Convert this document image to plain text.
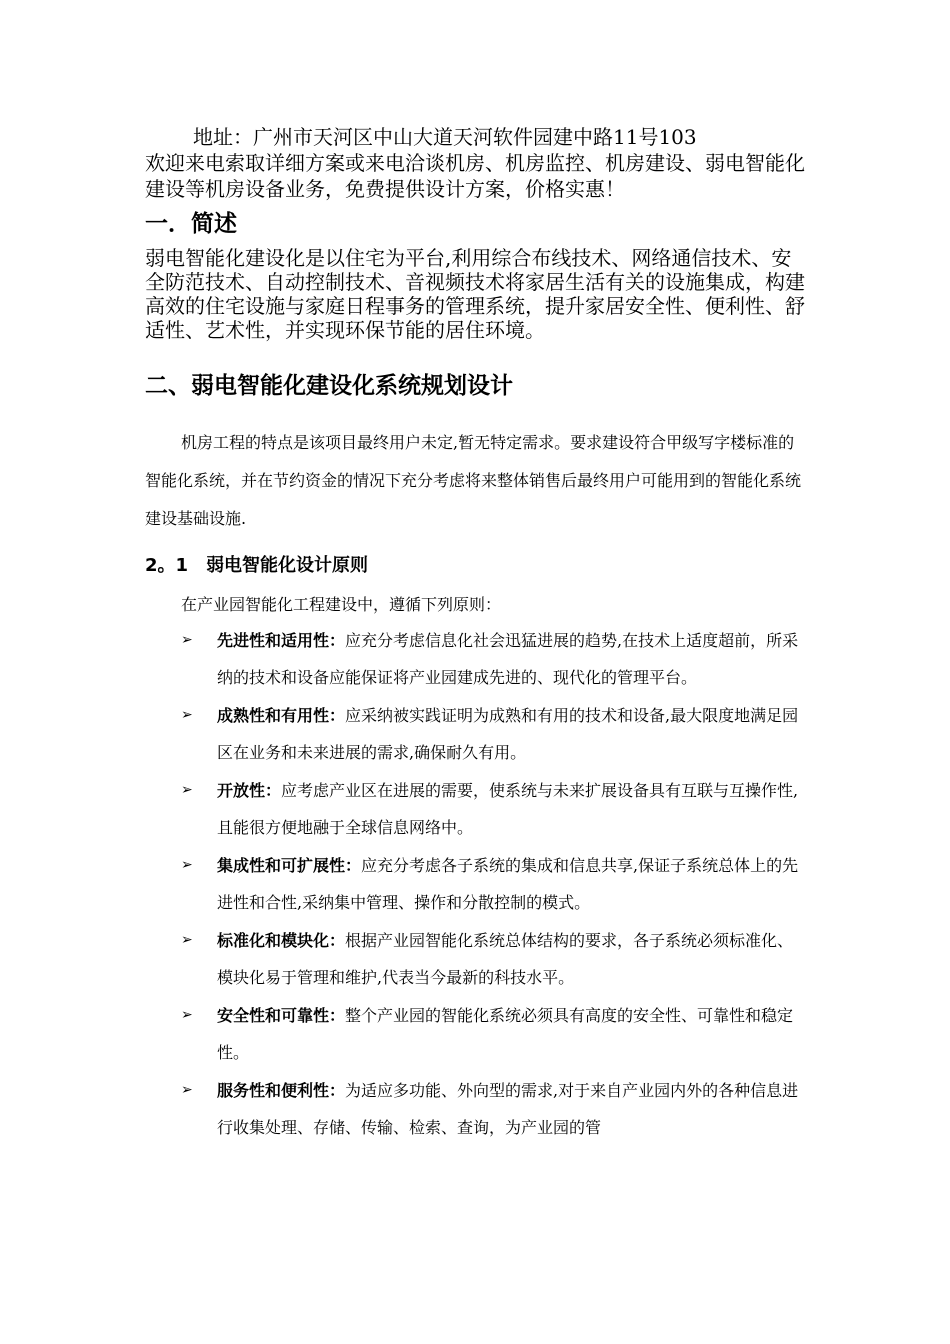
地址：广州市天河区中山大道天河软件园建中路11号103
欢迎来电索取详细方案或来电洽谈机房、机房监控、机房建设、弱电智能化建设等机房设备业务，免费提供设计方案，价格实惠！
一．简述

弱电智能化建设化是以住宅为平台,利用综合布线技术、网络通信技术、安全防范技术、自动控制技术、音视频技术将家居生活有关的设施集成，构建高效的住宅设施与家庭日程事务的管理系统，提升家居安全性、便利性、舒适性、艺术性，并实现环保节能的居住环境。

二、弱电智能化建设化系统规划设计

机房工程的特点是该项目最终用户未定,暂无特定需求。要求建设符合甲级写字楼标准的智能化系统，并在节约资金的情况下充分考虑将来整体销售后最终用户可能用到的智能化系统建设基础设施.

2。1 弱电智能化设计原则

在产业园智能化工程建设中，遵循下列原则：

➢ 先进性和适用性：应充分考虑信息化社会迅猛进展的趋势,在技术上适度超前，所采纳的技术和设备应能保证将产业园建成先进的、现代化的管理平台。
➢ 成熟性和有用性：应采纳被实践证明为成熟和有用的技术和设备,最大限度地满足园区在业务和未来进展的需求,确保耐久有用。
➢ 开放性：应考虑产业区在进展的需要，使系统与未来扩展设备具有互联与互操作性,且能很方便地融于全球信息网络中。
➢ 集成性和可扩展性：应充分考虑各子系统的集成和信息共享,保证子系统总体上的先进性和合性,采纳集中管理、操作和分散控制的模式。
➢ 标准化和模块化：根据产业园智能化系统总体结构的要求，各子系统必须标准化、模块化易于管理和维护,代表当今最新的科技水平。
➢ 安全性和可靠性：整个产业园的智能化系统必须具有高度的安全性、可靠性和稳定性。
➢ 服务性和便利性：为适应多功能、外向型的需求,对于来自产业园内外的各种信息进行收集处理、存储、传输、检索、查询，为产业园的管
